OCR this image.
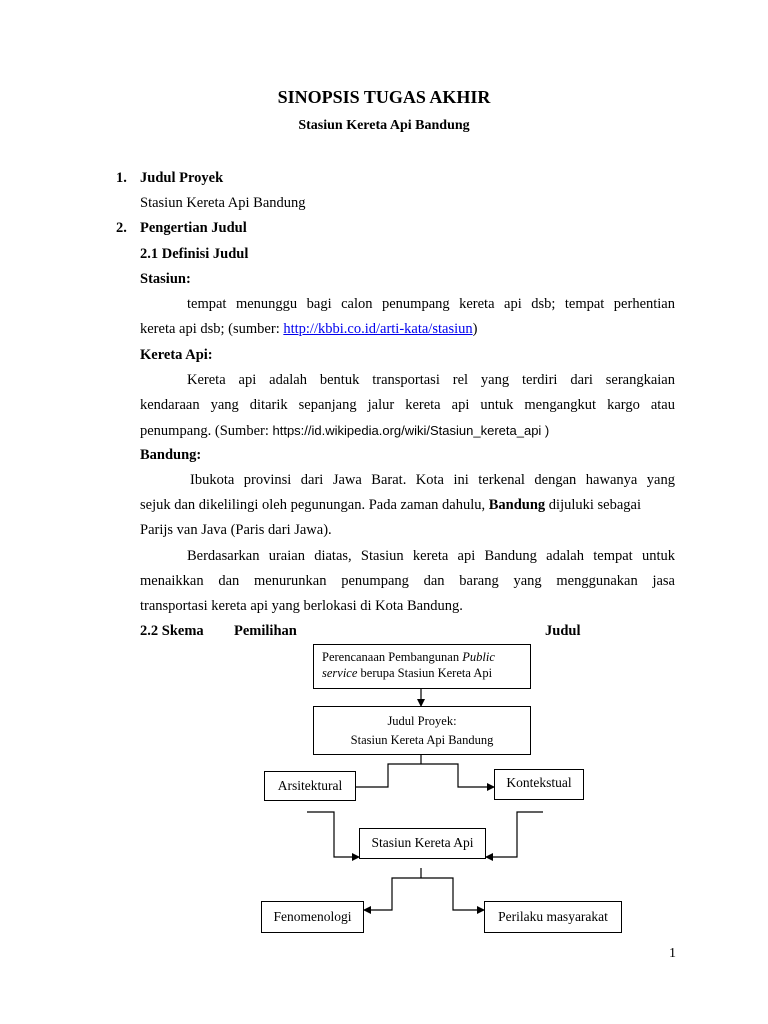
SINOPSIS TUGAS AKHIR
Stasiun Kereta Api Bandung
1. Judul Proyek
Stasiun Kereta Api Bandung
2. Pengertian Judul
2.1 Definisi Judul
Stasiun:
tempat menunggu bagi calon penumpang kereta api dsb; tempat perhentian
kereta api dsb; (sumber: http://kbbi.co.id/arti-kata/stasiun)
Kereta Api:
Kereta api adalah bentuk transportasi rel yang terdiri dari serangkaian
kendaraan yang ditarik sepanjang jalur kereta api untuk mengangkut kargo atau
penumpang. (Sumber: https://id.wikipedia.org/wiki/Stasiun_kereta_api )
Bandung:
Ibukota provinsi dari Jawa Barat. Kota ini terkenal dengan hawanya yang
sejuk dan dikelilingi oleh pegunungan. Pada zaman dahulu, Bandung dijuluki sebagai
Parijs van Java (Paris dari Jawa).
Berdasarkan uraian diatas, Stasiun kereta api Bandung adalah tempat untuk
menaikkan dan menurunkan penumpang dan barang yang menggunakan jasa
transportasi kereta api yang berlokasi di Kota Bandung.
2.2 Skema Pemilihan	Judul
Perencanaan Pembangunan Public
service berupa Stasiun Kereta Api
Judul Proyek:
Stasiun Kereta Api Bandung
Arsitektural	Kontekstual
Stasiun Kereta Api
Fenomenologi	Perilaku masyarakat
1
